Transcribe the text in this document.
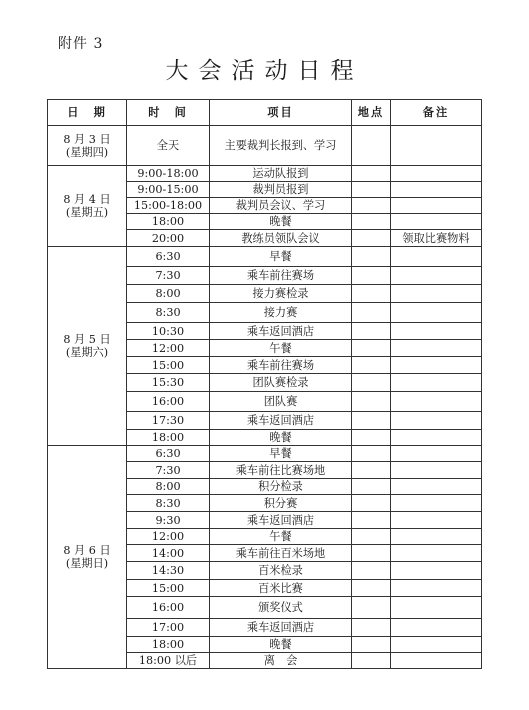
附件 3
大会活动日程
日　期	时　间	项目	地点	备注

8 月 3 日
(星期四)	全天	主要裁判长报到、学习		

8 月 4 日
(星期五)	9:00-18:00	运动队报到		
	9:00-15:00	裁判员报到		
	15:00-18:00	裁判员会议、学习		
	18:00	晚餐		
	20:00	教练员领队会议		领取比赛物料

8 月 5 日
(星期六)	6:30	早餐		
	7:30	乘车前往赛场		
	8:00	接力赛检录		
	8:30	接力赛		
	10:30	乘车返回酒店		
	12:00	午餐		
	15:00	乘车前往赛场		
	15:30	团队赛检录		
	16:00	团队赛		
	17:30	乘车返回酒店		
	18:00	晚餐		

8 月 6 日
(星期日)	6:30	早餐		
	7:30	乘车前往比赛场地		
	8:00	积分检录		
	8:30	积分赛		
	9:30	乘车返回酒店		
	12:00	午餐		
	14:00	乘车前往百米场地		
	14:30	百米检录		
	15:00	百米比赛		
	16:00	颁奖仪式		
	17:00	乘车返回酒店		
	18:00	晚餐		
	18:00 以后	离　会		
